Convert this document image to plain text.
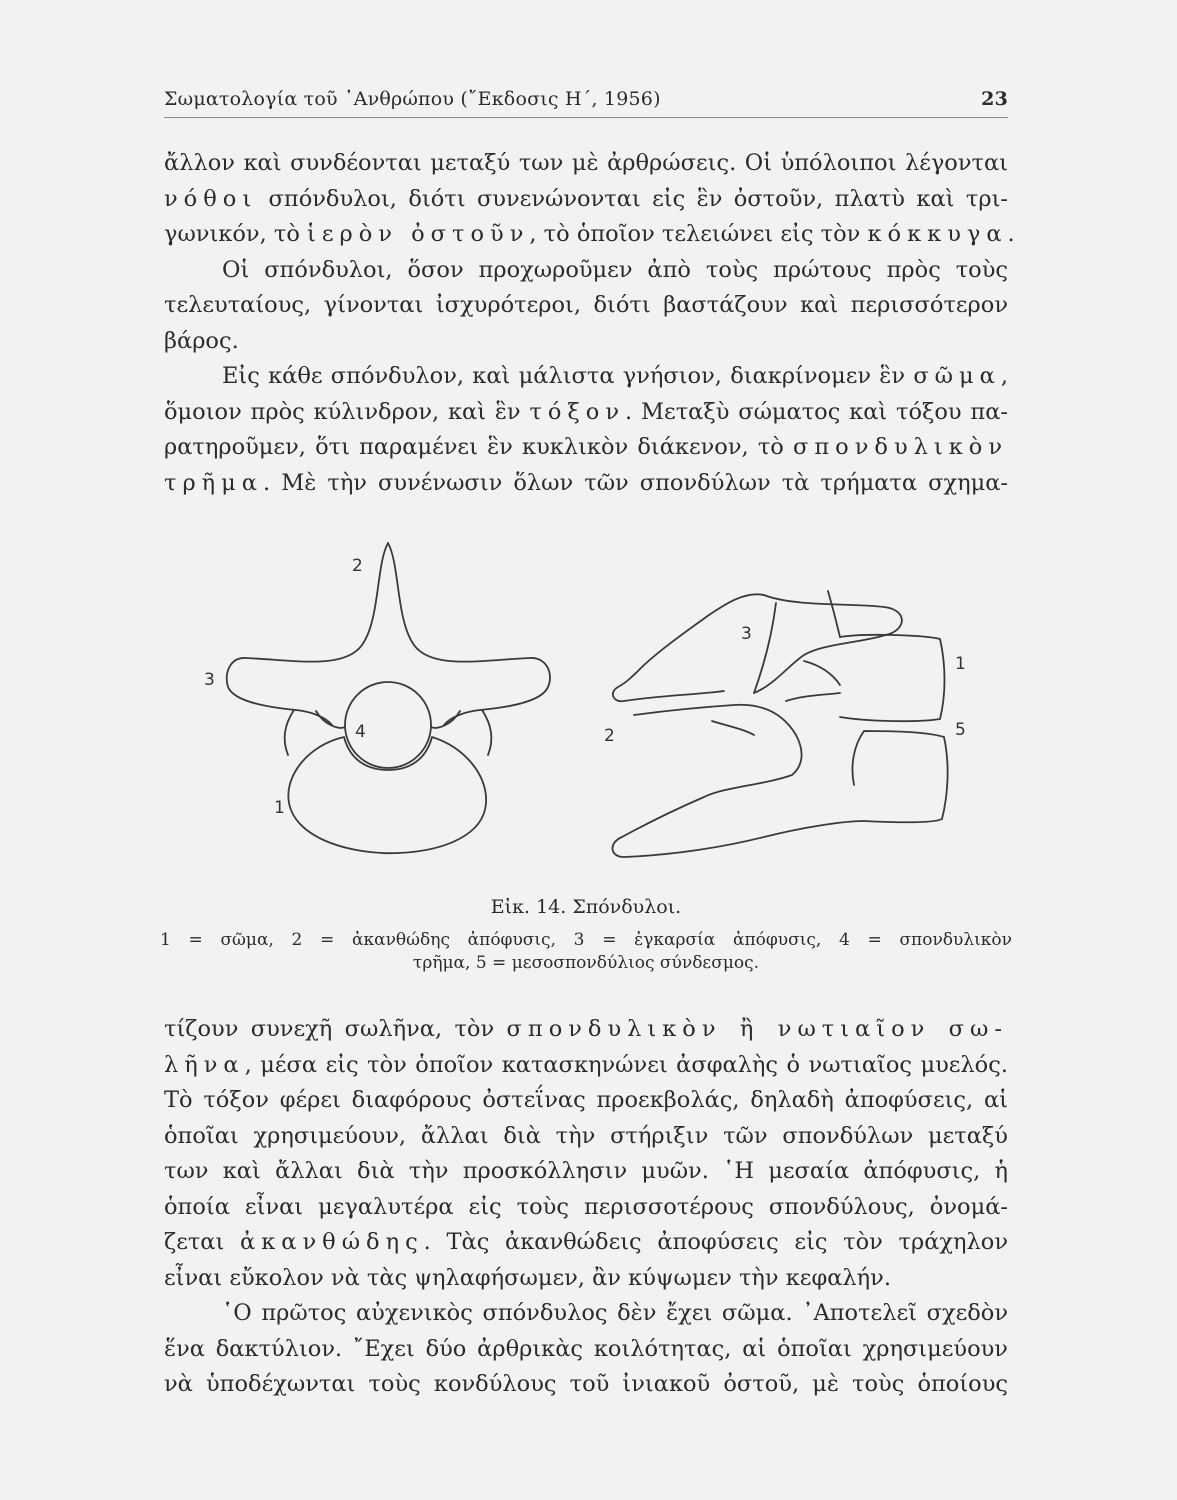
Σωματολογία τοῦ ᾿Ανθρώπου (῎Εκδοσις Η΄, 1956)	23
ἄλλον καὶ συνδέονται μεταξύ των μὲ ἀρθρώσεις. Οἱ ὑπόλοιποι λέγονται
νόθοι σπόνδυλοι, διότι συνενώνονται εἰς ἓν ὀστοῦν, πλατὺ καὶ τρι-
γωνικόν, τὸ ἱερὸν ὀστοῦν, τὸ ὁποῖον τελειώνει εἰς τὸν κόκκυγα.
Οἱ σπόνδυλοι, ὅσον προχωροῦμεν ἀπὸ τοὺς πρώτους πρὸς τοὺς
τελευταίους, γίνονται ἰσχυρότεροι, διότι βαστάζουν καὶ περισσότερον
βάρος.
Εἰς κάθε σπόνδυλον, καὶ μάλιστα γνήσιον, διακρίνομεν ἓν σῶμα,
ὅμοιον πρὸς κύλινδρον, καὶ ἓν τόξον. Μεταξὺ σώματος καὶ τόξου πα-
ρατηροῦμεν, ὅτι παραμένει ἓν κυκλικὸν διάκενον, τὸ σπονδυλικὸν
τρῆμα. Μὲ τὴν συνένωσιν ὅλων τῶν σπονδύλων τὰ τρήματα σχημα-
2
3
4
1
3
1
2	5
Εἰκ. 14. Σπόνδυλοι.
1 = σῶμα, 2 = ἀκανθώδης ἀπόφυσις, 3 = ἐγκαρσία ἀπόφυσις, 4 = σπονδυλικὸν
τρῆμα, 5 = μεσοσπονδύλιος σύνδεσμος.
τίζουν συνεχῆ σωλῆνα, τὸν σπονδυλικὸν ἢ νωτιαῖον σω-
λῆνα, μέσα εἰς τὸν ὁποῖον κατασκηνώνει ἀσφαλὴς ὁ νωτιαῖος μυελός.
Τὸ τόξον φέρει διαφόρους ὀστεΐνας προεκβολάς, δηλαδὴ ἀποφύσεις, αἱ
ὁποῖαι χρησιμεύουν, ἄλλαι διὰ τὴν στήριξιν τῶν σπονδύλων μεταξύ
των καὶ ἄλλαι διὰ τὴν προσκόλλησιν μυῶν. ῾Η μεσαία ἀπόφυσις, ἡ
ὁποία εἶναι μεγαλυτέρα εἰς τοὺς περισσοτέρους σπονδύλους, ὀνομά-
ζεται ἀκανθώδης. Τὰς ἀκανθώδεις ἀποφύσεις εἰς τὸν τράχηλον
εἶναι εὔκολον νὰ τὰς ψηλαφήσωμεν, ἂν κύψωμεν τὴν κεφαλήν.
῾Ο πρῶτος αὐχενικὸς σπόνδυλος δὲν ἔχει σῶμα. ᾿Αποτελεῖ σχεδὸν
ἕνα δακτύλιον. ῎Εχει δύο ἀρθρικὰς κοιλότητας, αἱ ὁποῖαι χρησιμεύουν
νὰ ὑποδέχωνται τοὺς κονδύλους τοῦ ἰνιακοῦ ὀστοῦ, μὲ τοὺς ὁποίους
